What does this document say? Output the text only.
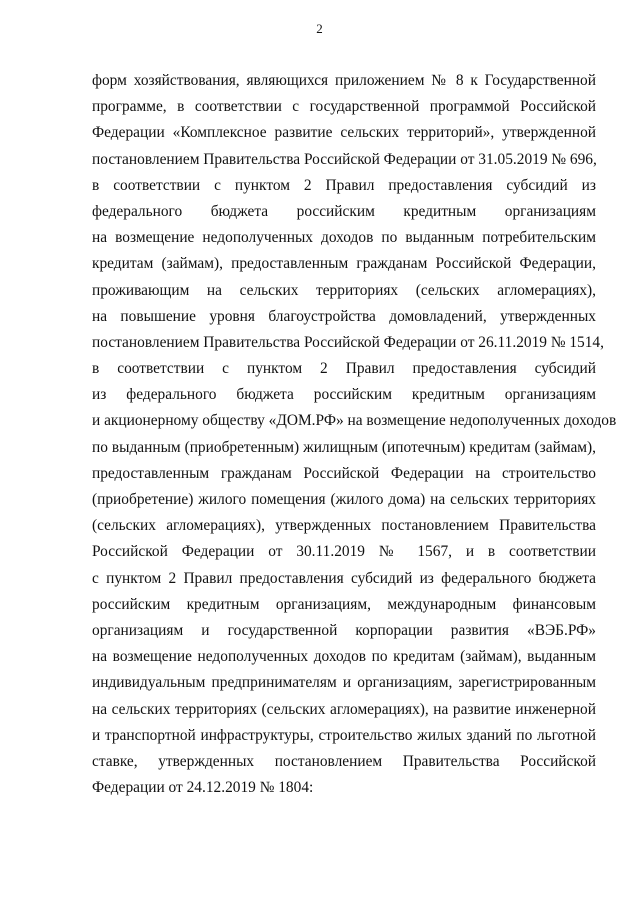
2
форм хозяйствования, являющихся приложением № 8 к Государственной
программе, в соответствии с государственной программой Российской
Федерации «Комплексное развитие сельских территорий», утвержденной
постановлением Правительства Российской Федерации от 31.05.2019 № 696,
в соответствии с пунктом 2 Правил предоставления субсидий из
федерального бюджета российским кредитным организациям
на возмещение недополученных доходов по выданным потребительским
кредитам (займам), предоставленным гражданам Российской Федерации,
проживающим на сельских территориях (сельских агломерациях),
на повышение уровня благоустройства домовладений, утвержденных
постановлением Правительства Российской Федерации от 26.11.2019 № 1514,
в соответствии с пунктом 2 Правил предоставления субсидий
из федерального бюджета российским кредитным организациям
и акционерному обществу «ДОМ.РФ» на возмещение недополученных доходов
по выданным (приобретенным) жилищным (ипотечным) кредитам (займам),
предоставленным гражданам Российской Федерации на строительство
(приобретение) жилого помещения (жилого дома) на сельских территориях
(сельских агломерациях), утвержденных постановлением Правительства
Российской Федерации от 30.11.2019 № 1567, и в соответствии
с пунктом 2 Правил предоставления субсидий из федерального бюджета
российским кредитным организациям, международным финансовым
организациям и государственной корпорации развития «ВЭБ.РФ»
на возмещение недополученных доходов по кредитам (займам), выданным
индивидуальным предпринимателям и организациям, зарегистрированным
на сельских территориях (сельских агломерациях), на развитие инженерной
и транспортной инфраструктуры, строительство жилых зданий по льготной
ставке, утвержденных постановлением Правительства Российской
Федерации от 24.12.2019 № 1804:
